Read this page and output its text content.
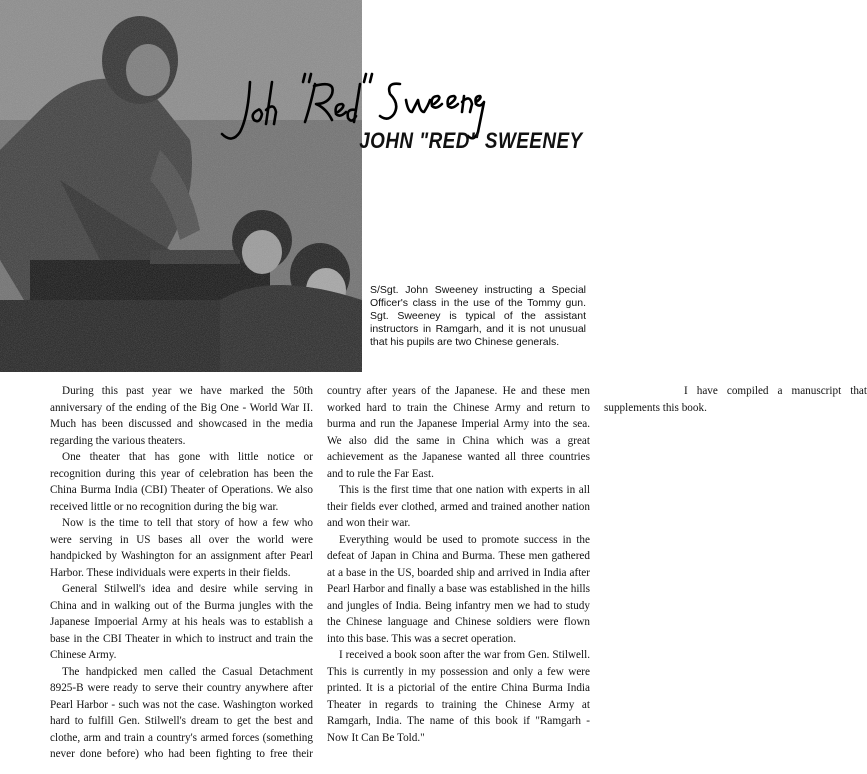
JOHN "RED" SWEENEY
S/Sgt. John Sweeney instructing a Special Officer's class in the use of the Tommy gun. Sgt. Sweeney is typical of the assistant instructors in Ramgarh, and it is not unusual that his pupils are two Chinese generals.

During this past year we have marked the 50th anniversary of the ending of the Big One - World War II. Much has been discussed and showcased in the media regarding the various theaters.

One theater that has gone with little notice or recognition during this year of celebration has been the China Burma India (CBI) Theater of Operations. We also received little or no recognition during the big war.

Now is the time to tell that story of how a few who were serving in US bases all over the world were handpicked by Washington for an assignment after Pearl Harbor. These individuals were experts in their fields.

General Stilwell's idea and desire while serving in China and in walking out of the Burma jungles with the Japanese Impoerial Army at his heals was to establish a base in the CBI Theater in which to instruct and train the Chinese Army.

The handpicked men called the Casual Detachment 8925-B were ready to serve their country anywhere after Pearl Harbor - such was not the case. Washington worked hard to fulfill Gen. Stilwell's dream to get the best and clothe, arm and train a country's armed forces (something never done before) who had been fighting to free their country after years of the Japanese. He and these men worked hard to train the Chinese Army and return to burma and run the Japanese Imperial Army into the sea. We also did the same in China which was a great achievement as the Japanese wanted all three countries and to rule the Far East.

This is the first time that one nation with experts in all their fields ever clothed, armed and trained another nation and won their war.

Everything would be used to promote success in the defeat of Japan in China and Burma. These men gathered at a base in the US, boarded ship and arrived in India after Pearl Harbor and finally a base was established in the hills and jungles of India. Being infantry men we had to study the Chinese language and Chinese soldiers were flown into this base. This was a secret operation.

I received a book soon after the war from Gen. Stilwell. This is currently in my possession and only a few were printed. It is a pictorial of the entire China Burma India Theater in regards to training the Chinese Army at Ramgarh, India. The name of this book if "Ramgarh - Now It Can Be Told."

I have compiled a manuscript that supplements this book.
